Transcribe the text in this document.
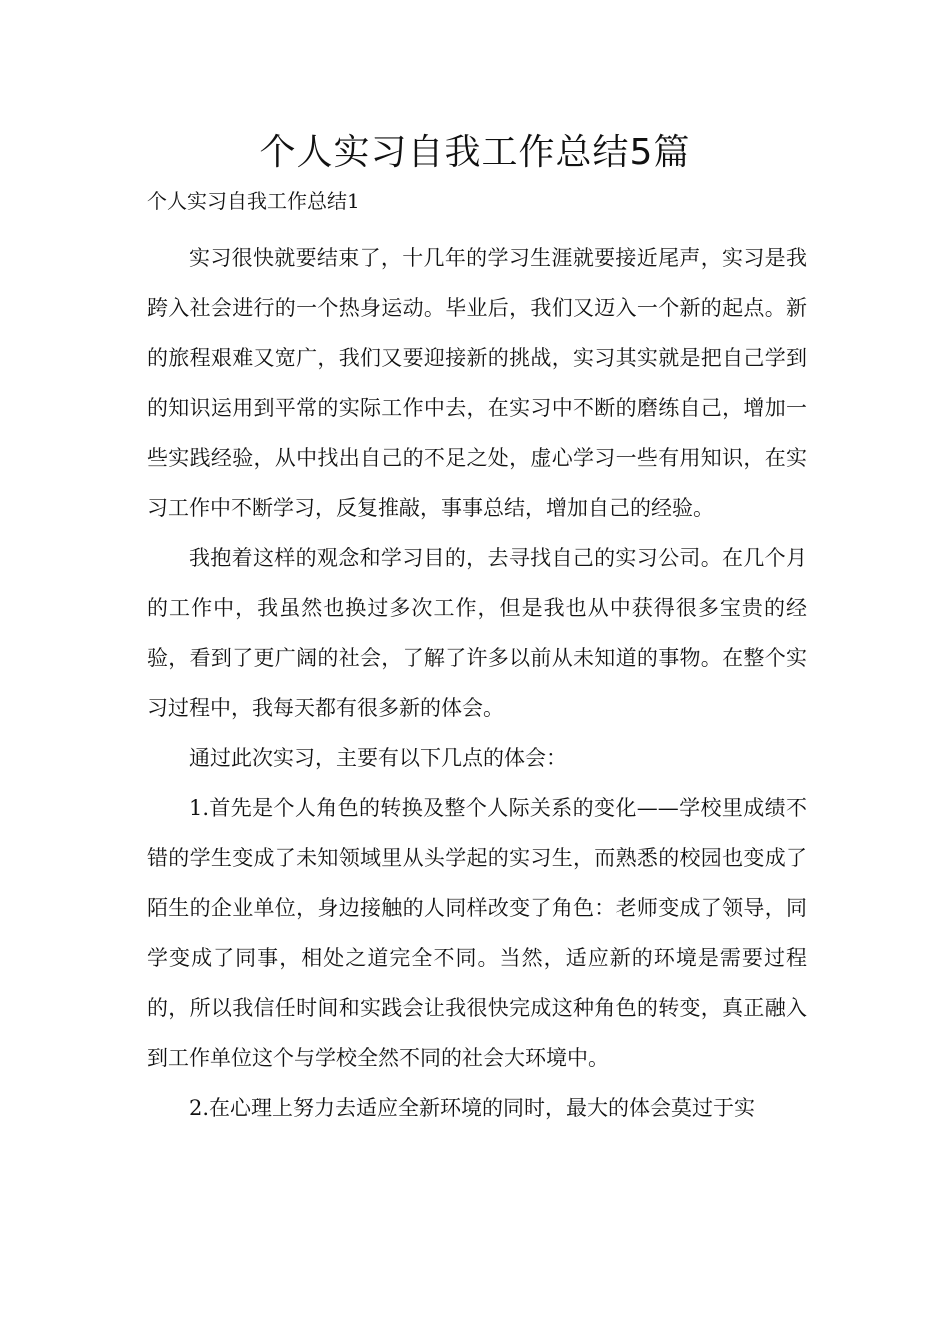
个人实习自我工作总结5篇

个人实习自我工作总结1

实习很快就要结束了，十几年的学习生涯就要接近尾声，实习是我跨入社会进行的一个热身运动。毕业后，我们又迈入一个新的起点。新的旅程艰难又宽广，我们又要迎接新的挑战，实习其实就是把自己学到的知识运用到平常的实际工作中去，在实习中不断的磨练自己，增加一些实践经验，从中找出自己的不足之处，虚心学习一些有用知识，在实习工作中不断学习，反复推敲，事事总结，增加自己的经验。

我抱着这样的观念和学习目的，去寻找自己的实习公司。在几个月的工作中，我虽然也换过多次工作，但是我也从中获得很多宝贵的经验，看到了更广阔的社会，了解了许多以前从未知道的事物。在整个实习过程中，我每天都有很多新的体会。

通过此次实习，主要有以下几点的体会：

1.首先是个人角色的转换及整个人际关系的变化——学校里成绩不错的学生变成了未知领域里从头学起的实习生，而熟悉的校园也变成了陌生的企业单位，身边接触的人同样改变了角色：老师变成了领导，同学变成了同事，相处之道完全不同。当然，适应新的环境是需要过程的，所以我信任时间和实践会让我很快完成这种角色的转变，真正融入到工作单位这个与学校全然不同的社会大环境中。

2.在心理上努力去适应全新环境的同时，最大的体会莫过于实
